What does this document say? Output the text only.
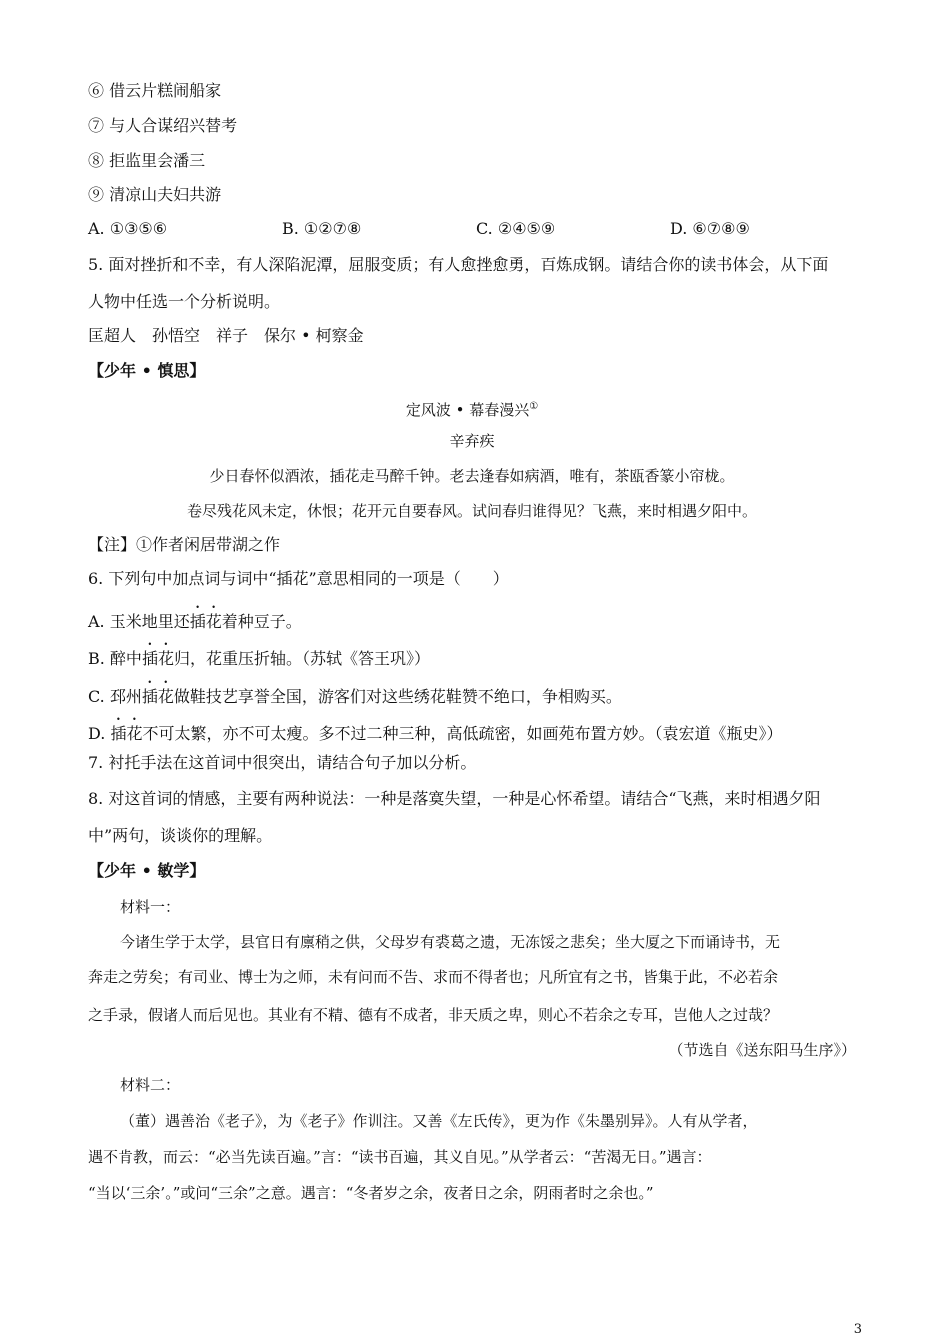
⑥ 借云片糕闹船家
⑦ 与人合谋绍兴替考
⑧ 拒监里会潘三
⑨ 清凉山夫妇共游
A. ①③⑤⑥	B. ①②⑦⑧	C. ②④⑤⑨	D. ⑥⑦⑧⑨
5. 面对挫折和不幸，有人深陷泥潭，屈服变质；有人愈挫愈勇，百炼成钢。请结合你的读书体会，从下面
人物中任选一个分析说明。
匡超人　孙悟空　祥子　保尔 • 柯察金
【少年 • 慎思】
定风波 • 幕春漫兴①
辛弃疾
少日春怀似酒浓，插花走马醉千钟。老去逢春如病酒，唯有，茶瓯香篆小帘栊。
卷尽残花风未定，休恨；花开元自要春风。试问春归谁得见？飞燕，来时相遇夕阳中。
【注】①作者闲居带湖之作
6. 下列句中加点词与词中“插花”意思相同的一项是（　　）
A. 玉米地里还插花着种豆子。
B. 醉中插花归，花重压折轴。（苏轼《答王巩》）
C. 邳州插花做鞋技艺享誉全国，游客们对这些绣花鞋赞不绝口，争相购买。
D. 插花不可太繁，亦不可太瘦。多不过二种三种，高低疏密，如画苑布置方妙。（袁宏道《瓶史》）
7. 衬托手法在这首词中很突出，请结合句子加以分析。
8. 对这首词的情感，主要有两种说法：一种是落寞失望，一种是心怀希望。请结合“飞燕，来时相遇夕阳
中”两句，谈谈你的理解。
【少年 • 敏学】
材料一：
今诸生学于太学，县官日有廪稍之供，父母岁有裘葛之遗，无冻馁之悲矣；坐大厦之下而诵诗书，无
奔走之劳矣；有司业、博士为之师，未有问而不告、求而不得者也；凡所宜有之书，皆集于此，不必若余
之手录，假诸人而后见也。其业有不精、德有不成者，非天质之卑，则心不若余之专耳，岂他人之过哉？
（节选自《送东阳马生序》）
材料二：
（董）遇善治《老子》，为《老子》作训注。又善《左氏传》，更为作《朱墨别异》。人有从学者，
遇不肯教，而云：“必当先读百遍。”言：“读书百遍，其义自见。”从学者云：“苦渴无日。”遇言：
“当以‘三余’。”或问“三余”之意。遇言：“冬者岁之余，夜者日之余，阴雨者时之余也。”
3
